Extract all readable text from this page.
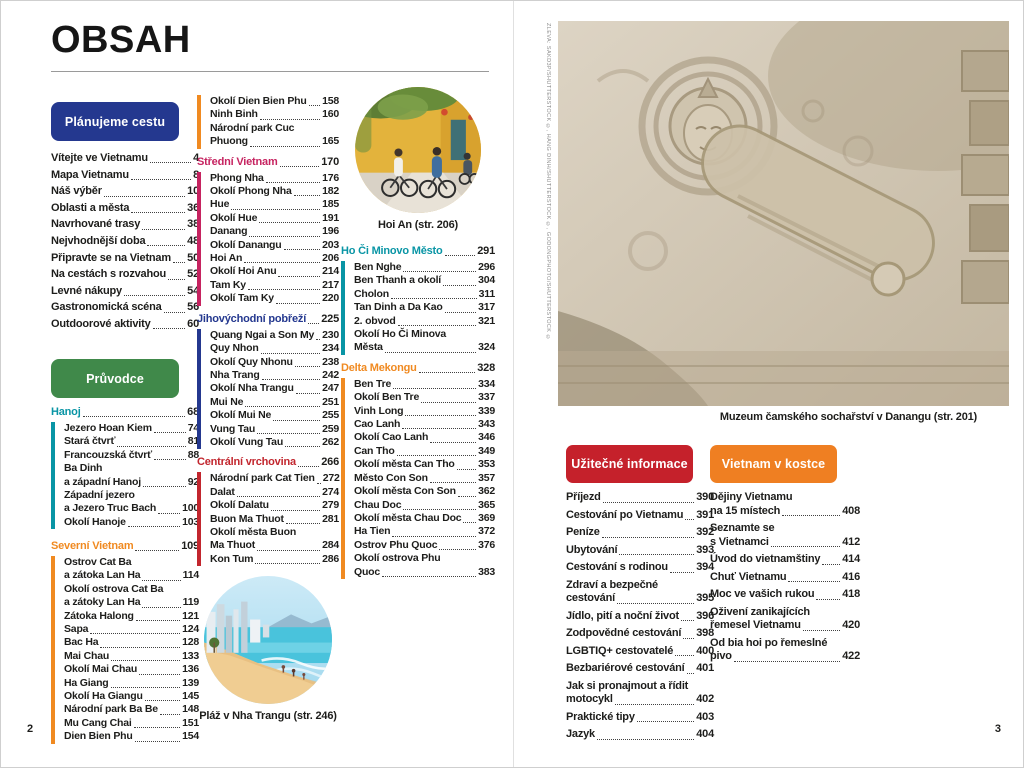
OBSAH
Plánujeme cestu
Vítejte ve Vietnamu	4
Mapa Vietnamu	8
Náš výběr	10
Oblasti a města	36
Navrhované trasy	38
Nejvhodnější doba	48
Připravte se na Vietnam 50
Na cestách s rozvahou 52
Levné nákupy	54
Gastronomická scéna 56
Outdoorové aktivity	60
Průvodce
Hanoj	68
Jezero Hoan Kiem	74
Stará čtvrť	81
Francouzská čtvrť	88
Ba Dinh
a západní Hanoj	92
Západní jezero
a Jezero Truc Bach 100
Okolí Hanoje	103
Severní Vietnam	109
Ostrov Cat Ba
a zátoka Lan Ha	114
Okolí ostrova Cat Ba
a zátoky Lan Ha	119
Zátoka Halong	121
Sapa	124
Bac Ha	128
Mai Chau	133
Okolí Mai Chau	136
Ha Giang	139
Okolí Ha Giangu	145
Národní park Ba Be 148
Mu Cang Chai	151
Dien Bien Phu	154
Okolí Dien Bien Phu 158
Ninh Binh	160
Národní park Cuc
Phuong	165
Střední Vietnam	170
Phong Nha	176
Okolí Phong Nha	182
Hue	185
Okolí Hue	191
Danang	196
Okolí Danangu	203
Hoi An	206
Okolí Hoi Anu	214
Tam Ky	217
Okolí Tam Ky	220
Jihovýchodní pobřeží 225
Quang Ngai a Son My 230
Quy Nhon	234
Okolí Quy Nhonu	238
Nha Trang	242
Okolí Nha Trangu	247
Mui Ne	251
Okolí Mui Ne	255
Vung Tau	259
Okolí Vung Tau	262
Centrální vrchovina 266
Národní park Cat Tien 272
Dalat	274
Okolí Dalatu	279
Buon Ma Thuot	281
Okolí města Buon
Ma Thuot	284
Kon Tum	286
Pláž v Nha Trangu (str. 246)
Hoi An (str. 206)
Ho Či Minovo Město	291
Ben Nghe	296
Ben Thanh a okolí	304
Cholon	311
Tan Dinh a Da Kao	317
2. obvod	321
Okolí Ho Či Minova
Města	324
Delta Mekongu	328
Ben Tre	334
Okolí Ben Tre	337
Vinh Long	339
Cao Lanh	343
Okolí Cao Lanh	346
Can Tho	349
Okolí města Can Tho 353
Město Con Son	357
Okolí města Con Son 362
Chau Doc	365
Okolí města Chau Doc 369
Ha Tien	372
Ostrov Phu Quoc	376
Okolí ostrova Phu
Quoc	383
2
ZLEVA: SAKD3P/SHUTTERSTOCK ©, HANG DINH/SHUTTERSTOCK ©, GODONGPHOTO/SHUTTERSTOCK ©
Muzeum čamského sochařství v Danangu (str. 201)
Užitečné informace	Vietnam v kostce
Příjezd	390
Cestování po Vietnamu 391
Peníze	392
Ubytování	393
Cestování s rodinou	394
Zdraví a bezpečné
cestování	395
Jídlo, pití a noční život 396
Zodpovědné cestování 398
LGBTIQ+ cestovatelé 400
Bezbariérové cestování 401
Jak si pronajmout a řídit
motocykl	402
Praktické tipy	403
Jazyk	404
Dějiny Vietnamu
na 15 místech	408
Seznamte se
s Vietnamci	412
Úvod do vietnamštiny 414
Chuť Vietnamu	416
Moc ve vašich rukou	418
Oživení zanikajících
řemesel Vietnamu	420
Od bia hoi po řemeslné
pivo	422
3
